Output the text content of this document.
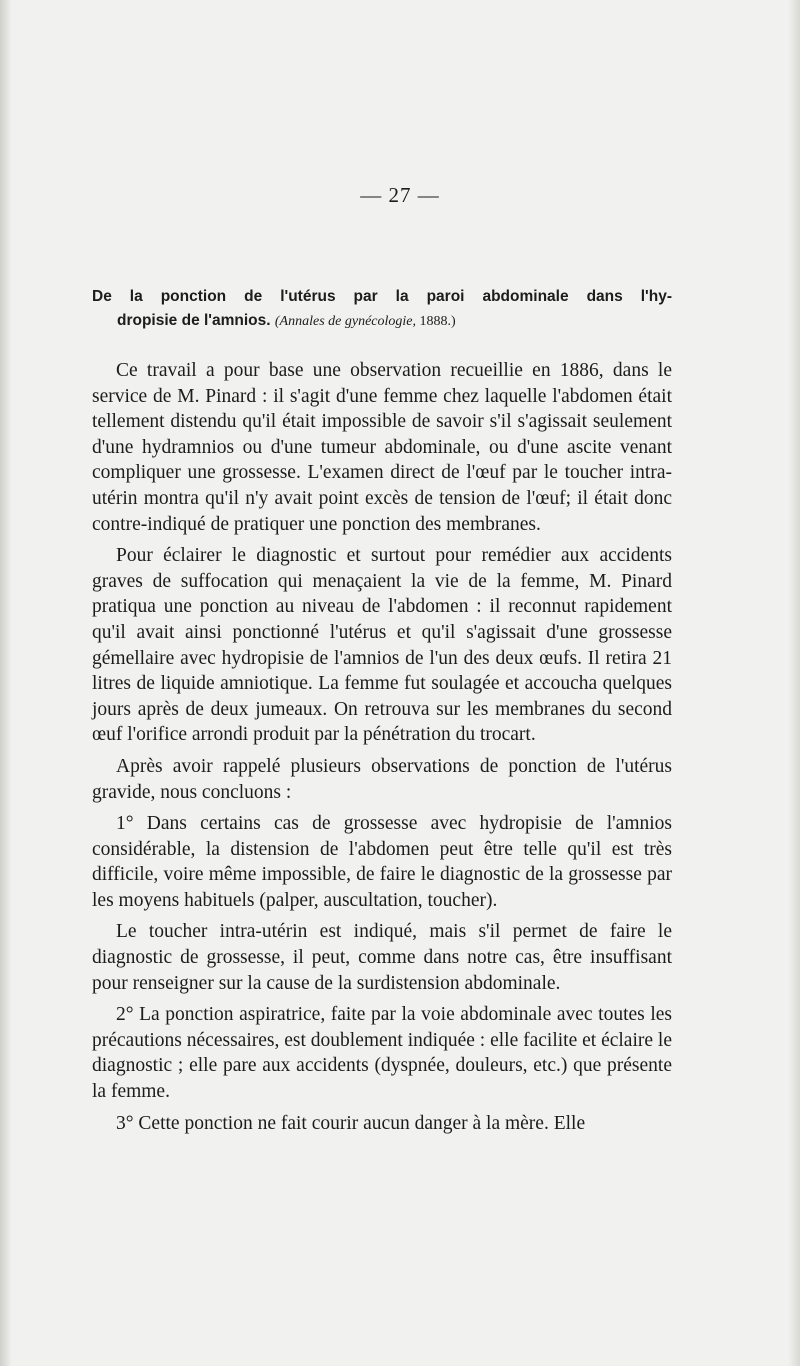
— 27 —
De la ponction de l'utérus par la paroi abdominale dans l'hy-
dropisie de l'amnios. (Annales de gynécologie, 1888.)

Ce travail a pour base une observation recueillie en 1886, dans le service de M. Pinard : il s'agit d'une femme chez laquelle l'abdomen était tellement distendu qu'il était impossible de savoir s'il s'agissait seulement d'une hydramnios ou d'une tumeur abdominale, ou d'une ascite venant compliquer une grossesse. L'examen direct de l'œuf par le toucher intra-utérin montra qu'il n'y avait point excès de tension de l'œuf; il était donc contre-indiqué de pratiquer une ponction des membranes.

Pour éclairer le diagnostic et surtout pour remédier aux accidents graves de suffocation qui menaçaient la vie de la femme, M. Pinard pratiqua une ponction au niveau de l'abdomen : il reconnut rapidement qu'il avait ainsi ponctionné l'utérus et qu'il s'agissait d'une grossesse gémellaire avec hydropisie de l'amnios de l'un des deux œufs. Il retira 21 litres de liquide amniotique. La femme fut soulagée et accoucha quelques jours après de deux jumeaux. On retrouva sur les membranes du second œuf l'orifice arrondi produit par la pénétration du trocart.

Après avoir rappelé plusieurs observations de ponction de l'utérus gravide, nous concluons :

1° Dans certains cas de grossesse avec hydropisie de l'amnios considérable, la distension de l'abdomen peut être telle qu'il est très difficile, voire même impossible, de faire le diagnostic de la grossesse par les moyens habituels (palper, auscultation, toucher).

Le toucher intra-utérin est indiqué, mais s'il permet de faire le diagnostic de grossesse, il peut, comme dans notre cas, être insuffisant pour renseigner sur la cause de la surdistension abdominale.

2° La ponction aspiratrice, faite par la voie abdominale avec toutes les précautions nécessaires, est doublement indiquée : elle facilite et éclaire le diagnostic ; elle pare aux accidents (dyspnée, douleurs, etc.) que présente la femme.

3° Cette ponction ne fait courir aucun danger à la mère. Elle
